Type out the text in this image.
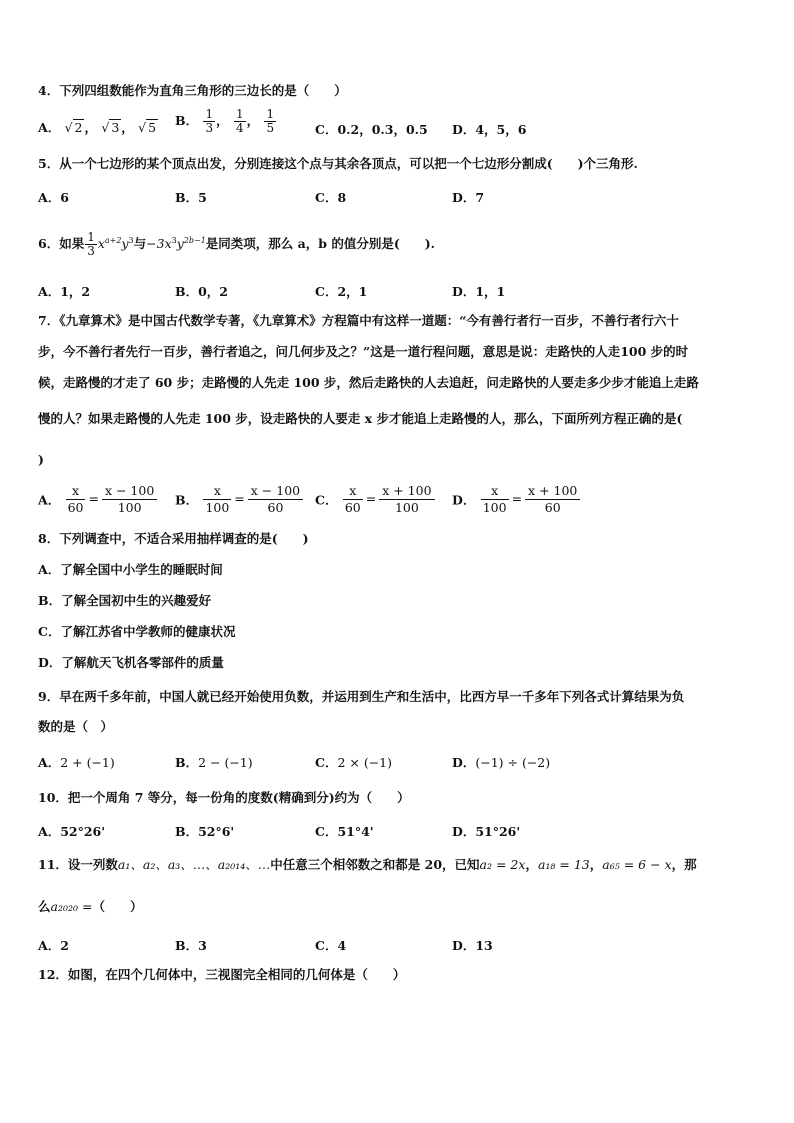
4．下列四组数能作为直角三角形的三边长的是（　　）
A． √ 2 ， √ 3 ， √ 5 B． $\frac{1}{3}$ ， $\frac{1}{4}$ ， $\frac{1}{5}$	C．0.2，0.3，0.5 D．4，5，6
5．从一个七边形的某个顶点出发，分别连接这个点与其余各顶点，可以把一个七边形分割成(　　)个三角形.
A．6	B．5	C．8	D．7
6．如果 $\frac{1}{3} x^{a+2}y^3$与$-3x^3y^{2b-1}$是同类项，那么 a，b 的值分别是(　　).
A．1，2	B．0，2	C．2，1	D．1，1
7．《九章算术》是中国古代数学专著，《九章算术》方程篇中有这样一道题：“今有善行者行一百步，不善行者行六十
步，今不善行者先行一百步，善行者追之，问几何步及之？”这是一道行程问题，意思是说：走路快的人走100 步的时
候，走路慢的才走了 60 步；走路慢的人先走 100 步，然后走路快的人去追赶，问走路快的人要走多少步才能追上走路
慢的人？如果走路慢的人先走 100 步，设走路快的人要走 x 步才能追上走路慢的人，那么，下面所列方程正确的是(
)
A． $\frac{x}{60} = \frac{x - 100}{100}$ B． $\frac{x}{100} = \frac{x - 100}{60}$ C． $\frac{x}{60} = \frac{x + 100}{100}$ D． $\frac{x}{100} = \frac{x + 100}{60}$
8．下列调查中，不适合采用抽样调查的是(　　)
A．了解全国中小学生的睡眠时间
B．了解全国初中生的兴趣爱好
C．了解江苏省中学教师的健康状况
D．了解航天飞机各零部件的质量
9．早在两千多年前，中国人就已经开始使用负数，并运用到生产和生活中，比西方早一千多年下列各式计算结果为负
数的是（　）
A．2 + (−1)	B．2 − (−1)	C．2 × (−1)	D．(−1) ÷ (−2)
10．把一个周角 7 等分，每一份角的度数(精确到分)约为（　　）
A．52°26'	B．52°6'	C．51°4'	D．51°26'
11．设一列数a₁、a₂、a₃、…、a₂₀₁₄、…中任意三个相邻数之和都是 20，已知a₂ = 2x，a₁₈ = 13，a₆₅ = 6 − x，那
么a₂₀₂₀ =（　　）
A．2	B．3	C．4	D．13
12．如图，在四个几何体中，三视图完全相同的几何体是（　　）
